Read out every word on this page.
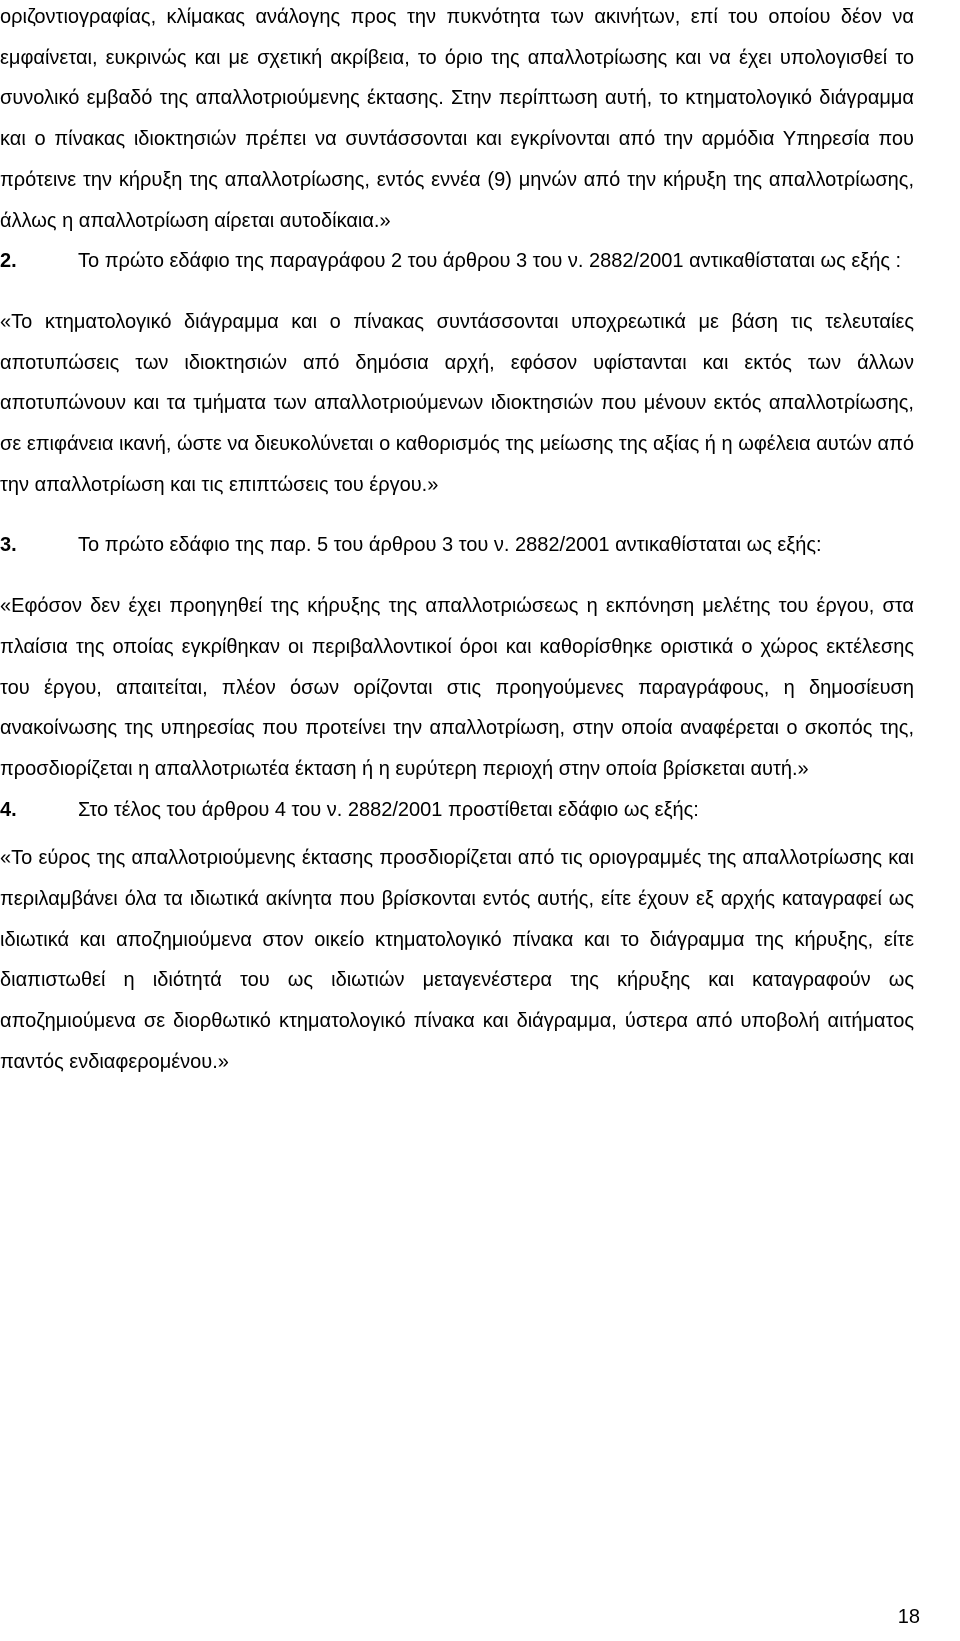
οριζοντιογραφίας, κλίμακας ανάλογης προς την πυκνότητα των ακινήτων, επί του οποίου δέον να εμφαίνεται, ευκρινώς και με σχετική ακρίβεια, το όριο της απαλλοτρίωσης και να έχει υπολογισθεί το συνολικό εμβαδό της απαλλοτριούμενης έκτασης. Στην περίπτωση αυτή, το κτηματολογικό διάγραμμα και ο πίνακας ιδιοκτησιών πρέπει να συντάσσονται και εγκρίνονται από την αρμόδια Υπηρεσία που πρότεινε την κήρυξη της απαλλοτρίωσης, εντός εννέα (9) μηνών από την κήρυξη της απαλλοτρίωσης, άλλως η απαλλοτρίωση αίρεται αυτοδίκαια.»

2.	Το πρώτο εδάφιο της παραγράφου 2 του άρθρου 3 του ν. 2882/2001 αντικαθίσταται ως εξής :

«Το κτηματολογικό διάγραμμα και ο πίνακας συντάσσονται υποχρεωτικά με βάση τις τελευταίες αποτυπώσεις των ιδιοκτησιών από δημόσια αρχή, εφόσον υφίστανται και εκτός των άλλων αποτυπώνουν και τα τμήματα των απαλλοτριούμενων ιδιοκτησιών που μένουν εκτός απαλλοτρίωσης, σε επιφάνεια ικανή, ώστε να διευκολύνεται ο καθορισμός της μείωσης της αξίας ή η ωφέλεια αυτών από την απαλλοτρίωση και τις επιπτώσεις του έργου.»

3.	Το πρώτο εδάφιο της παρ. 5 του άρθρου 3 του ν. 2882/2001 αντικαθίσταται ως εξής:

«Εφόσον δεν έχει προηγηθεί της κήρυξης της απαλλοτριώσεως η εκπόνηση μελέτης του έργου, στα πλαίσια της οποίας εγκρίθηκαν οι περιβαλλοντικοί όροι και καθορίσθηκε οριστικά ο χώρος εκτέλεσης του έργου, απαιτείται, πλέον όσων ορίζονται στις προηγούμενες παραγράφους, η δημοσίευση ανακοίνωσης της υπηρεσίας που προτείνει την απαλλοτρίωση, στην οποία αναφέρεται ο σκοπός της, προσδιορίζεται η απαλλοτριωτέα έκταση ή η ευρύτερη περιοχή στην οποία βρίσκεται αυτή.»

4.	Στο τέλος του άρθρου 4 του ν. 2882/2001 προστίθεται εδάφιο ως εξής:

«Το εύρος της απαλλοτριούμενης έκτασης προσδιορίζεται από τις οριογραμμές της απαλλοτρίωσης και περιλαμβάνει όλα τα ιδιωτικά ακίνητα που βρίσκονται εντός αυτής, είτε έχουν εξ αρχής καταγραφεί ως ιδιωτικά και αποζημιούμενα στον οικείο κτηματολογικό πίνακα και το διάγραμμα της κήρυξης, είτε διαπιστωθεί η ιδιότητά του ως ιδιωτιών μεταγενέστερα της κήρυξης και καταγραφούν ως αποζημιούμενα σε διορθωτικό κτηματολογικό πίνακα και διάγραμμα, ύστερα από υποβολή αιτήματος παντός ενδιαφερομένου.»

18
